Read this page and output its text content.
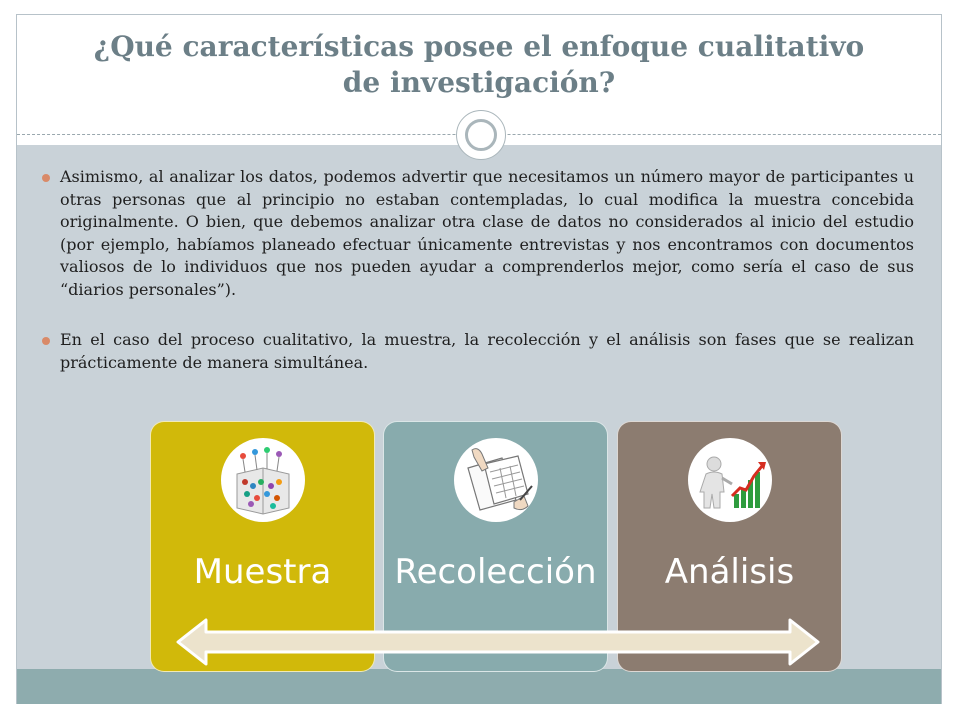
¿Qué características posee el enfoque cualitativo
de investigación?
Asimismo, al analizar los datos, podemos advertir que necesitamos un número mayor de participantes u otras personas que al principio no estaban contempladas, lo cual modifica la muestra concebida originalmente. O bien, que debemos analizar otra clase de datos no considerados al inicio del estudio (por ejemplo, habíamos planeado efectuar únicamente entrevistas y nos encontramos con documentos valiosos de lo individuos que nos pueden ayudar a comprenderlos mejor, como sería el caso de sus “diarios personales”).
En el caso del proceso cualitativo, la muestra, la recolección y el análisis son fases que se realizan prácticamente de manera simultánea.
Muestra	Recolección	Análisis
